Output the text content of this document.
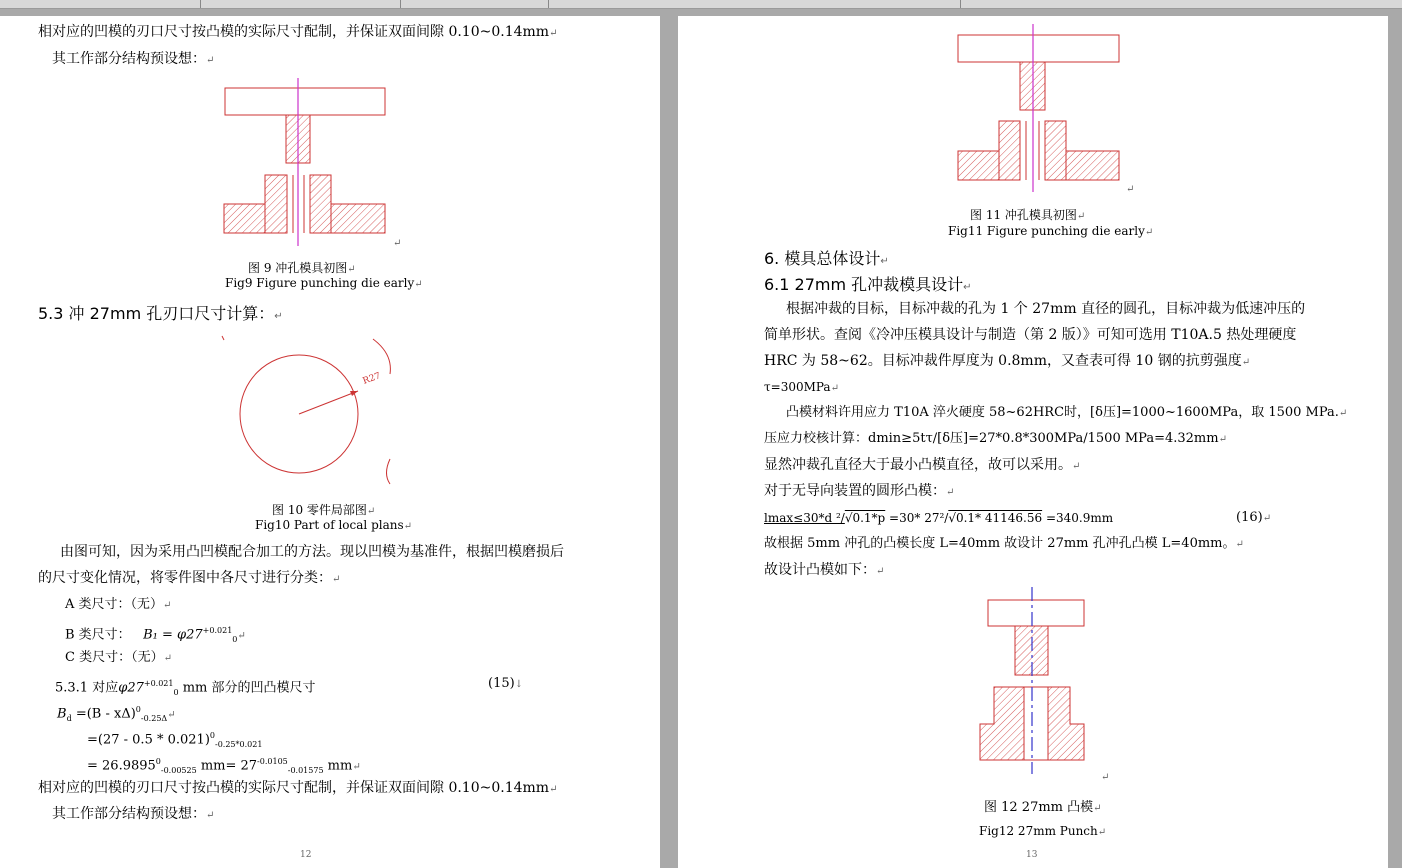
相对应的凹模的刃口尺寸按凸模的实际尺寸配制，并保证双面间隙 0.10~0.14mm↵
其工作部分结构预设想：↵
↵
图 9 冲孔模具初图↵
Fig9 Figure punching die early↵
5.3 冲 27mm 孔刃口尺寸计算：↵
R27
图 10 零件局部图↵
Fig10 Part of local plans↵
由图可知，因为采用凸凹模配合加工的方法。现以凹模为基准件，根据凹模磨损后
的尺寸变化情况，将零件图中各尺寸进行分类：↵
A 类尺寸：（无）↵
B 类尺寸： $B_1 = \varphi 27^{+0.021}_0↵$
C 类尺寸：（无）↵
5.3.1 对应$\varphi 27^{+0.021}_0$ mm 部分的凹凸模尺寸	(15)↓
$B_d =(B$ - xΔ)$^0_{-0.25\Delta}$↵
=(27 - 0.5 * 0.021)$^0_{-0.25*0.021}$
= $26.9895^0_{-0.00525}$ $mm= 27^{-0.0105}_{-0.01575}$ mm↵
相对应的凹模的刃口尺寸按凸模的实际尺寸配制，并保证双面间隙 0.10~0.14mm↵
其工作部分结构预设想：↵
12
↵
图 11 冲孔模具初图↵
Fig11 Figure punching die early↵
6. 模具总体设计↵
6.1 27mm 孔冲裁模具设计↵
根据冲裁的目标，目标冲裁的孔为 1 个 27mm 直径的圆孔，目标冲裁为低速冲压的
简单形状。查阅《冷冲压模具设计与制造（第 2 版）》可知可选用 T10A.5 热处理硬度
HRC 为 58~62。目标冲裁件厚度为 0.8mm，又查表可得 10 钢的抗剪强度↵
τ=300MPa↵
凸模材料许用应力 T10A 淬火硬度 58~62HRC时，[δ压]=1000~1600MPa，取 1500 MPa.↵
压应力校核计算：dmin≥5tτ/[δ压]=27*0.8*300MPa/1500 MPa=4.32mm↵
显然冲裁孔直径大于最小凸模直径，故可以采用。↵
对于无导向装置的圆形凸模：↵
lmax≤30*d ²/√0.1*p =30* 27²/√0.1* 41146.56 =340.9mm	(16)↵
故根据 5mm 冲孔的凸模长度 L=40mm 故设计 27mm 孔冲孔凸模 L=40mm。↵
故设计凸模如下：↵
↵
图 12 27mm 凸模↵
Fig12 27mm Punch↵
13
